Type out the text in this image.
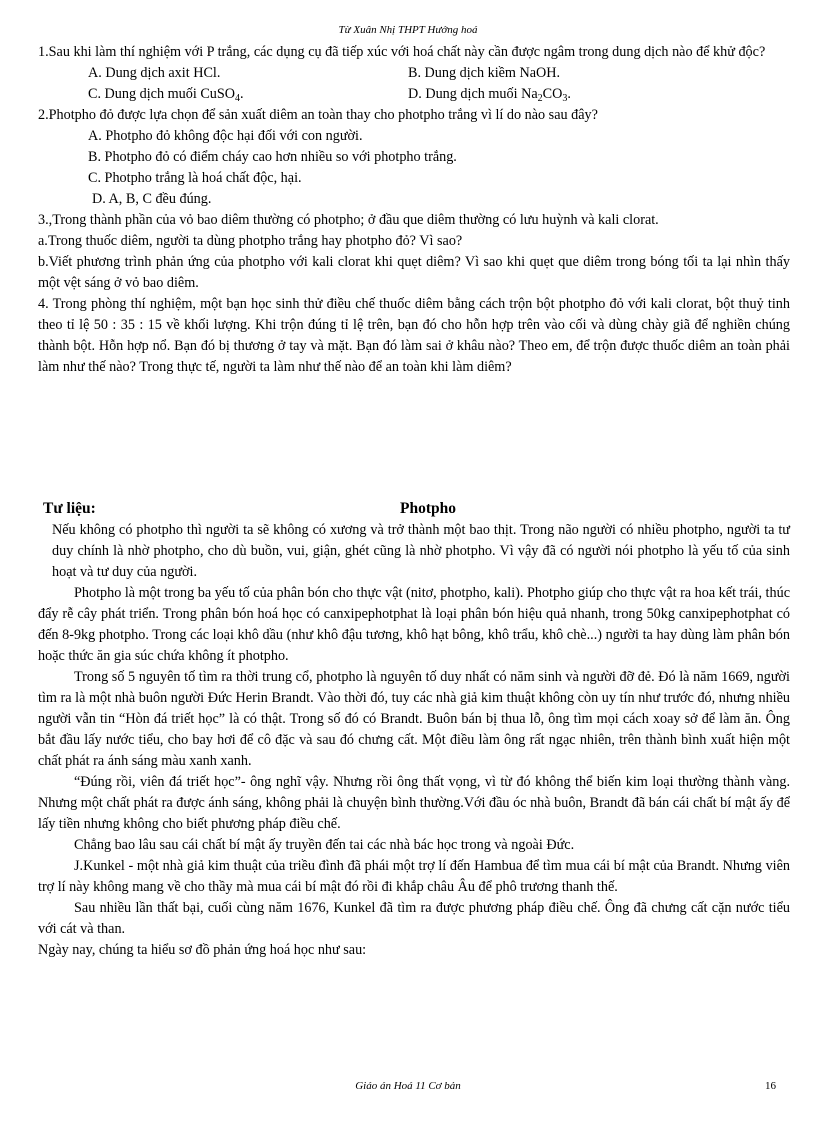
Từ Xuân Nhị THPT Hướng hoá

1.Sau khi làm thí nghiệm với P trắng, các dụng cụ đã tiếp xúc với hoá chất này cần được ngâm trong dung dịch nào để khử độc?

A. Dung dịch axit HCl.	B. Dung dịch kiềm NaOH.
C. Dung dịch muối CuSO$_4$.	D. Dung dịch muối $Na_2CO_3$.

2.Photpho đỏ được lựa chọn để sản xuất diêm an toàn thay cho photpho trắng vì lí do nào sau đây?

A. Photpho đỏ không độc hại đối với con người.

B. Photpho đỏ có điểm cháy cao hơn nhiều so với photpho trắng.

C. Photpho trắng là hoá chất độc, hại.

D. A, B, C đều đúng.

3.,Trong thành phần của vỏ bao diêm thường có photpho; ở đầu que diêm thường có lưu huỳnh và kali clorat.

a.Trong thuốc diêm, người ta dùng photpho trắng hay photpho đỏ? Vì sao?

b.Viết phương trình phản ứng của photpho với kali clorat khi quẹt diêm? Vì sao khi quẹt que diêm trong bóng tối ta lại nhìn thấy một vệt sáng ở vỏ bao diêm.

4. Trong phòng thí nghiệm, một bạn học sinh thử điều chế thuốc diêm bằng cách trộn bột photpho đỏ với kali clorat, bột thuỷ tinh theo tỉ lệ 50 : 35 : 15 về khối lượng. Khi trộn đúng tỉ lệ trên, bạn đó cho hỗn hợp trên vào cối và dùng chày giã để nghiền chúng thành bột. Hỗn hợp nổ. Bạn đó bị thương ở tay và mặt. Bạn đó làm sai ở khâu nào? Theo em, để trộn được thuốc diêm an toàn phải làm như thế nào? Trong thực tế, người ta làm như thế nào để an toàn khi làm diêm?

Tư liệu:	Photpho

Nếu không có photpho thì người ta sẽ không có xương và trở thành một bao thịt. Trong não người có nhiều photpho, người ta tư duy chính là nhờ photpho, cho dù buồn, vui, giận, ghét cũng là nhờ photpho. Vì vậy đã có người nói photpho là yếu tố của sinh hoạt và tư duy của người.

Photpho là một trong ba yếu tố của phân bón cho thực vật (nitơ, photpho, kali). Photpho giúp cho thực vật ra hoa kết trái, thúc đẩy rễ cây phát triển. Trong phân bón hoá học có canxipephotphat là loại phân bón hiệu quả nhanh, trong 50kg canxipephotphat có đến 8-9kg photpho. Trong các loại khô dầu (như khô đậu tương, khô hạt bông, khô trẩu, khô chè...) người ta hay dùng làm phân bón hoặc thức ăn gia súc chứa không ít photpho.

Trong số 5 nguyên tố tìm ra thời trung cổ, photpho là nguyên tố duy nhất có năm sinh và người đỡ đẻ. Đó là năm 1669, người tìm ra là một nhà buôn người Đức Herin Brandt. Vào thời đó, tuy các nhà giả kim thuật không còn uy tín như trước đó, nhưng nhiều người vẫn tin “Hòn đá triết học” là có thật. Trong số đó có Brandt. Buôn bán bị thua lỗ, ông tìm mọi cách xoay sở để làm ăn. Ông bắt đầu lấy nước tiểu, cho bay hơi để cô đặc và sau đó chưng cất. Một điều làm ông rất ngạc nhiên, trên thành bình xuất hiện một chất phát ra ánh sáng màu xanh xanh.

“Đúng rồi, viên đá triết học”- ông nghĩ vậy. Nhưng rồi ông thất vọng, vì từ đó không thể biến kim loại thường thành vàng. Nhưng một chất phát ra được ánh sáng, không phải là chuyện bình thường.Với đầu óc nhà buôn, Brandt đã bán cái chất bí mật ấy để lấy tiền nhưng không cho biết phương pháp điều chế.

Chẳng bao lâu sau cái chất bí mật ấy truyền đến tai các nhà bác học trong và ngoài Đức.

J.Kunkel - một nhà giả kim thuật của triều đình đã phái một trợ lí đến Hambua để tìm mua cái bí mật của Brandt. Nhưng viên trợ lí này không mang về cho thầy mà mua cái bí mật đó rồi đi khắp châu Âu để phô trương thanh thế.

Sau nhiều lần thất bại, cuối cùng năm 1676, Kunkel đã tìm ra được phương pháp điều chế. Ông đã chưng cất cặn nước tiểu với cát và than.

Ngày nay, chúng ta hiểu sơ đồ phản ứng hoá học như sau:

Giáo án Hoá 11 Cơ bản	16
